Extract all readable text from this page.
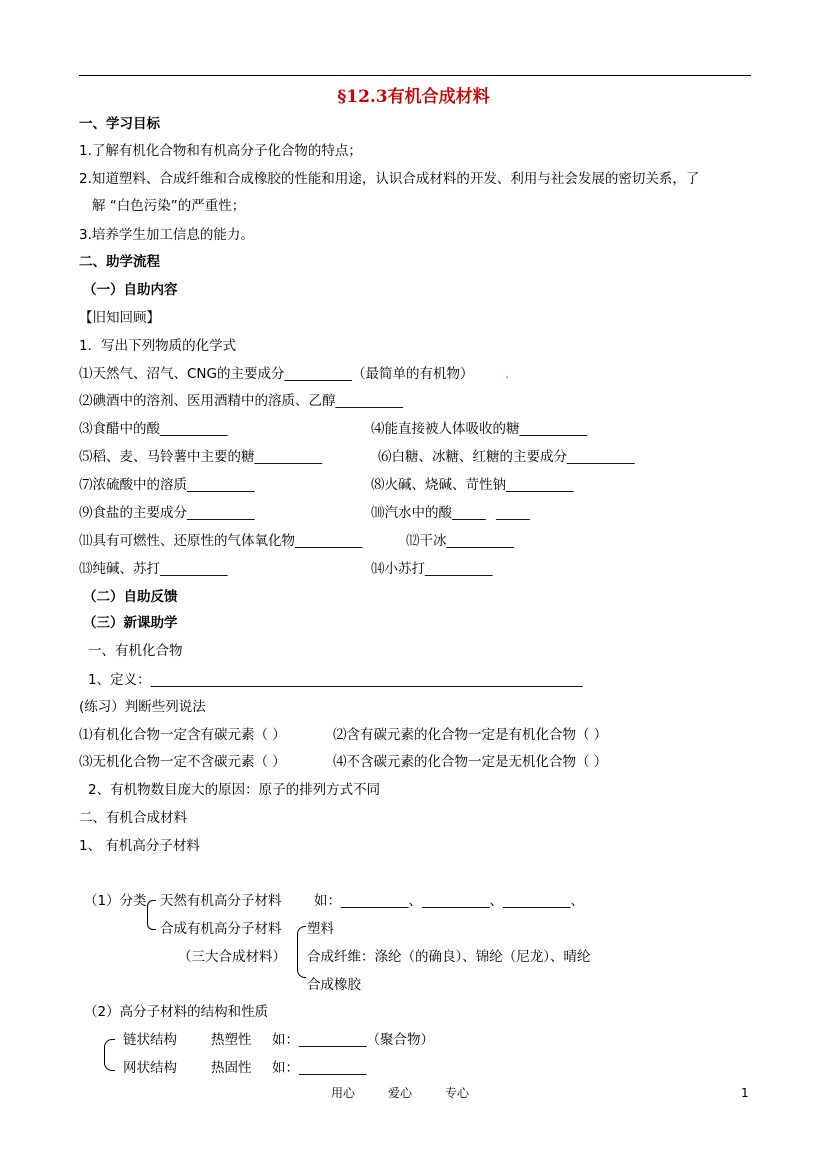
§12.3有机合成材料
一、学习目标
1.了解有机化合物和有机高分子化合物的特点；
2.知道塑料、合成纤维和合成橡胶的性能和用途，认识合成材料的开发、利用与社会发展的密切关系，了
解 “白色污染”的严重性；
3.培养学生加工信息的能力。
二、助学流程
（一）自助内容
【旧知回顾】
1．写出下列物质的化学式
⑴天然气、沼气、CNG的主要成分__________（最简单的有机物） .
⑵碘酒中的溶剂、医用酒精中的溶质、乙醇__________
⑶食醋中的酸__________	⑷能直接被人体吸收的糖__________
⑸稻、麦、马铃薯中主要的糖__________	⑹白糖、冰糖、红糖的主要成分__________
⑺浓硫酸中的溶质__________	⑻火碱、烧碱、苛性钠__________
⑼食盐的主要成分__________	⑽汽水中的酸_____ _____
⑾具有可燃性、还原性的气体氧化物__________	⑿干冰__________
⒀纯碱、苏打__________	⒁小苏打__________
（二）自助反馈
（三）新课助学
一、有机化合物
1、定义：________________________________________________________________
(练习）判断些列说法
⑴有机化合物一定含有碳元素（ ）	⑵含有碳元素的化合物一定是有机化合物（ ）
⑶无机化合物一定不含碳元素（ ）	⑷不含碳元素的化合物一定是无机化合物（ ）
2、有机物数目庞大的原因：原子的排列方式不同
二、有机合成材料
1、 有机高分子材料
（1）分类 天然有机高分子材料 如：__________、__________、__________、
合成有机高分子材料 塑料
（三大合成材料） 合成纤维：涤纶（的确良）、锦纶（尼龙）、晴纶
合成橡胶
（2）高分子材料的结构和性质
链状结构	热塑性 如：__________（聚合物）
网状结构	热固性 如：__________
用心	爱心	专心	1
